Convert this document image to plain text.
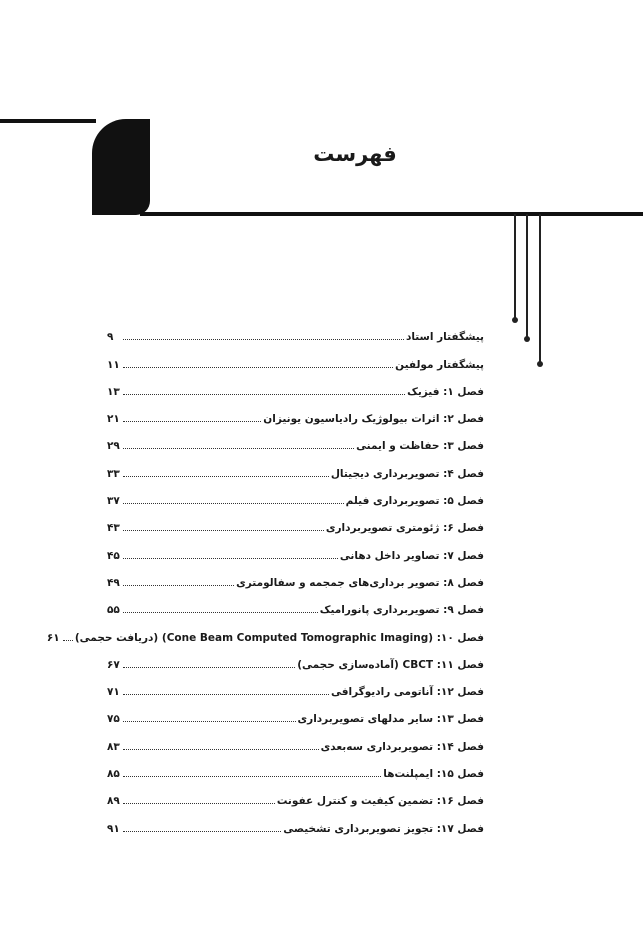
فهرست
پیشگفتار استاد
۹
پیشگفتار مولفین
۱۱
فصل ۱: فیزیک
۱۳
فصل ۲: اثرات بیولوژیک رادیاسیون یونیزان
۲۱
فصل ۳: حفاظت و ایمنی
۲۹
فصل ۴: تصویربرداری دیجیتال
۳۳
فصل ۵: تصویربرداری فیلم
۳۷
فصل ۶: ژئومتری تصویربرداری
۴۳
فصل ۷: تصاویر داخل دهانی
۴۵
فصل ۸: تصویر برداری‌های جمجمه و سفالومتری
۴۹
فصل ۹: تصویربرداری پانورامیک
۵۵
فصل ۱۰: (Cone Beam Computed Tomographic Imaging) (دریافت حجمی)
۶۱
فصل ۱۱: CBCT (آماده‌سازی حجمی)
۶۷
فصل ۱۲: آناتومی رادیوگرافی
۷۱
فصل ۱۳: سایر مدلهای تصویربرداری
۷۵
فصل ۱۴: تصویربرداری سه‌بعدی
۸۳
فصل ۱۵: ایمپلنت‌ها
۸۵
فصل ۱۶: تضمین کیفیت و کنترل عفونت
۸۹
فصل ۱۷: تجویز تصویربرداری تشخیصی
۹۱
